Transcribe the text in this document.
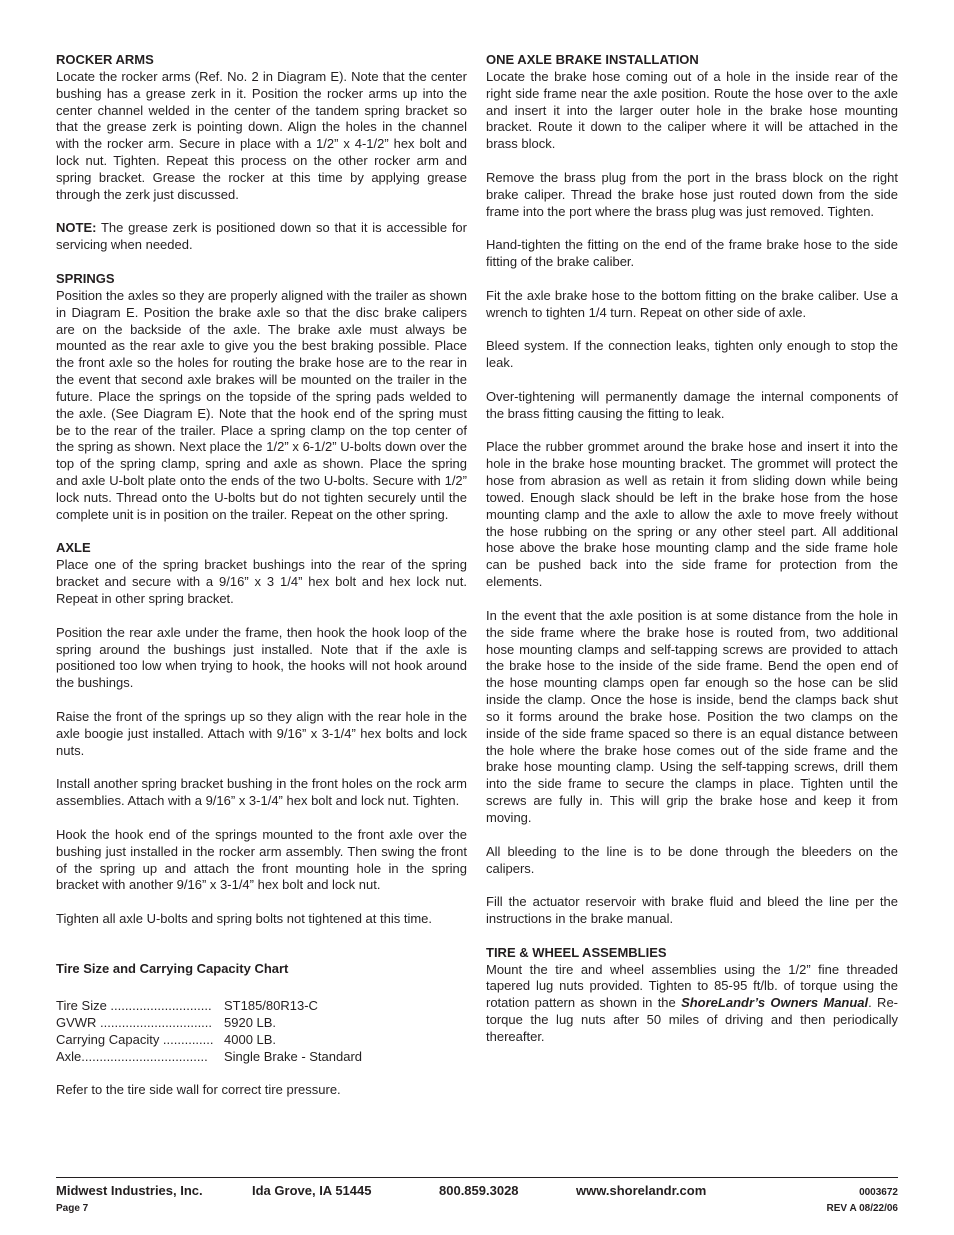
ROCKER ARMS

Locate the rocker arms (Ref. No. 2 in Diagram E). Note that the center bushing has a grease zerk in it. Position the rocker arms up into the center channel welded in the center of the tandem spring bracket so that the grease zerk is pointing down. Align the holes in the channel with the rocker arm. Secure in place with a 1/2” x 4-1/2” hex bolt and lock nut. Tighten. Repeat this process on the other rocker arm and spring bracket. Grease the rocker at this time by applying grease through the zerk just discussed.

NOTE: The grease zerk is positioned down so that it is accessible for servicing when needed.

SPRINGS

Position the axles so they are properly aligned with the trailer as shown in Diagram E. Position the brake axle so that the disc brake calipers are on the backside of the axle. The brake axle must always be mounted as the rear axle to give you the best braking possible. Place the front axle so the holes for routing the brake hose are to the rear in the event that second axle brakes will be mounted on the trailer in the future. Place the springs on the topside of the spring pads welded to the axle. (See Diagram E). Note that the hook end of the spring must be to the rear of the trailer. Place a spring clamp on the top center of the spring as shown. Next place the 1/2” x 6-1/2” U-bolts down over the top of the spring clamp, spring and axle as shown. Place the spring and axle U-bolt plate onto the ends of the two U-bolts. Secure with 1/2” lock nuts. Thread onto the U-bolts but do not tighten securely until the complete unit is in position on the trailer. Repeat on the other spring.

AXLE

Place one of the spring bracket bushings into the rear of the spring bracket and secure with a 9/16” x 3 1/4” hex bolt and hex lock nut. Repeat in other spring bracket.

Position the rear axle under the frame, then hook the hook loop of the spring around the bushings just installed. Note that if the axle is positioned too low when trying to hook, the hooks will not hook around the bushings.

Raise the front of the springs up so they align with the rear hole in the axle boogie just installed. Attach with 9/16” x 3-1/4” hex bolts and lock nuts.

Install another spring bracket bushing in the front holes on the rock arm assemblies. Attach with a 9/16” x 3-1/4” hex bolt and lock nut. Tighten.

Hook the hook end of the springs mounted to the front axle over the bushing just installed in the rocker arm assembly. Then swing the front of the spring up and attach the front mounting hole in the spring bracket with another 9/16” x 3-1/4” hex bolt and lock nut.

Tighten all axle U-bolts and spring bolts not tightened at this time.

Tire Size and Carrying Capacity Chart

Tire Size ............................ ST185/80R13-C
GVWR ............................... 5920 LB.
Carrying Capacity .............. 4000 LB.
Axle................................... Single Brake - Standard

Refer to the tire side wall for correct tire pressure.

ONE AXLE BRAKE INSTALLATION

Locate the brake hose coming out of a hole in the inside rear of the right side frame near the axle position. Route the hose over to the axle and insert it into the larger outer hole in the brake hose mounting bracket. Route it down to the caliper where it will be attached in the brass block.

Remove the brass plug from the port in the brass block on the right brake caliper. Thread the brake hose just routed down from the side frame into the port where the brass plug was just removed. Tighten.

Hand-tighten the fitting on the end of the frame brake hose to the side fitting of the brake caliber.

Fit the axle brake hose to the bottom fitting on the brake caliber. Use a wrench to tighten 1/4 turn. Repeat on other side of axle.

Bleed system. If the connection leaks, tighten only enough to stop the leak.

Over-tightening will permanently damage the internal components of the brass fitting causing the fitting to leak.

Place the rubber grommet around the brake hose and insert it into the hole in the brake hose mounting bracket. The grommet will protect the hose from abrasion as well as retain it from sliding down while being towed. Enough slack should be left in the brake hose from the hose mounting clamp and the axle to allow the axle to move freely without the hose rubbing on the spring or any other steel part. All additional hose above the brake hose mounting clamp and the side frame hole can be pushed back into the side frame for protection from the elements.

In the event that the axle position is at some distance from the hole in the side frame where the brake hose is routed from, two additional hose mounting clamps and self-tapping screws are provided to attach the brake hose to the inside of the side frame. Bend the open end of the hose mounting clamps open far enough so the hose can be slid inside the clamp. Once the hose is inside, bend the clamps back shut so it forms around the brake hose. Position the two clamps on the inside of the side frame spaced so there is an equal distance between the hole where the brake hose comes out of the side frame and the brake hose mounting clamp. Using the self-tapping screws, drill them into the side frame to secure the clamps in place. Tighten until the screws are fully in. This will grip the brake hose and keep it from moving.

All bleeding to the line is to be done through the bleeders on the calipers.

Fill the actuator reservoir with brake fluid and bleed the line per the instructions in the brake manual.

TIRE & WHEEL ASSEMBLIES

Mount the tire and wheel assemblies using the 1/2” fine threaded tapered lug nuts provided. Tighten to 85-95 ft/lb. of torque using the rotation pattern as shown in the ShoreLandr’s Owners Manual. Re-torque the lug nuts after 50 miles of driving and then periodically thereafter.

Midwest Industries, Inc.	Ida Grove, IA 51445	800.859.3028	www.shorelandr.com	0003672
Page 7	REV A 08/22/06
